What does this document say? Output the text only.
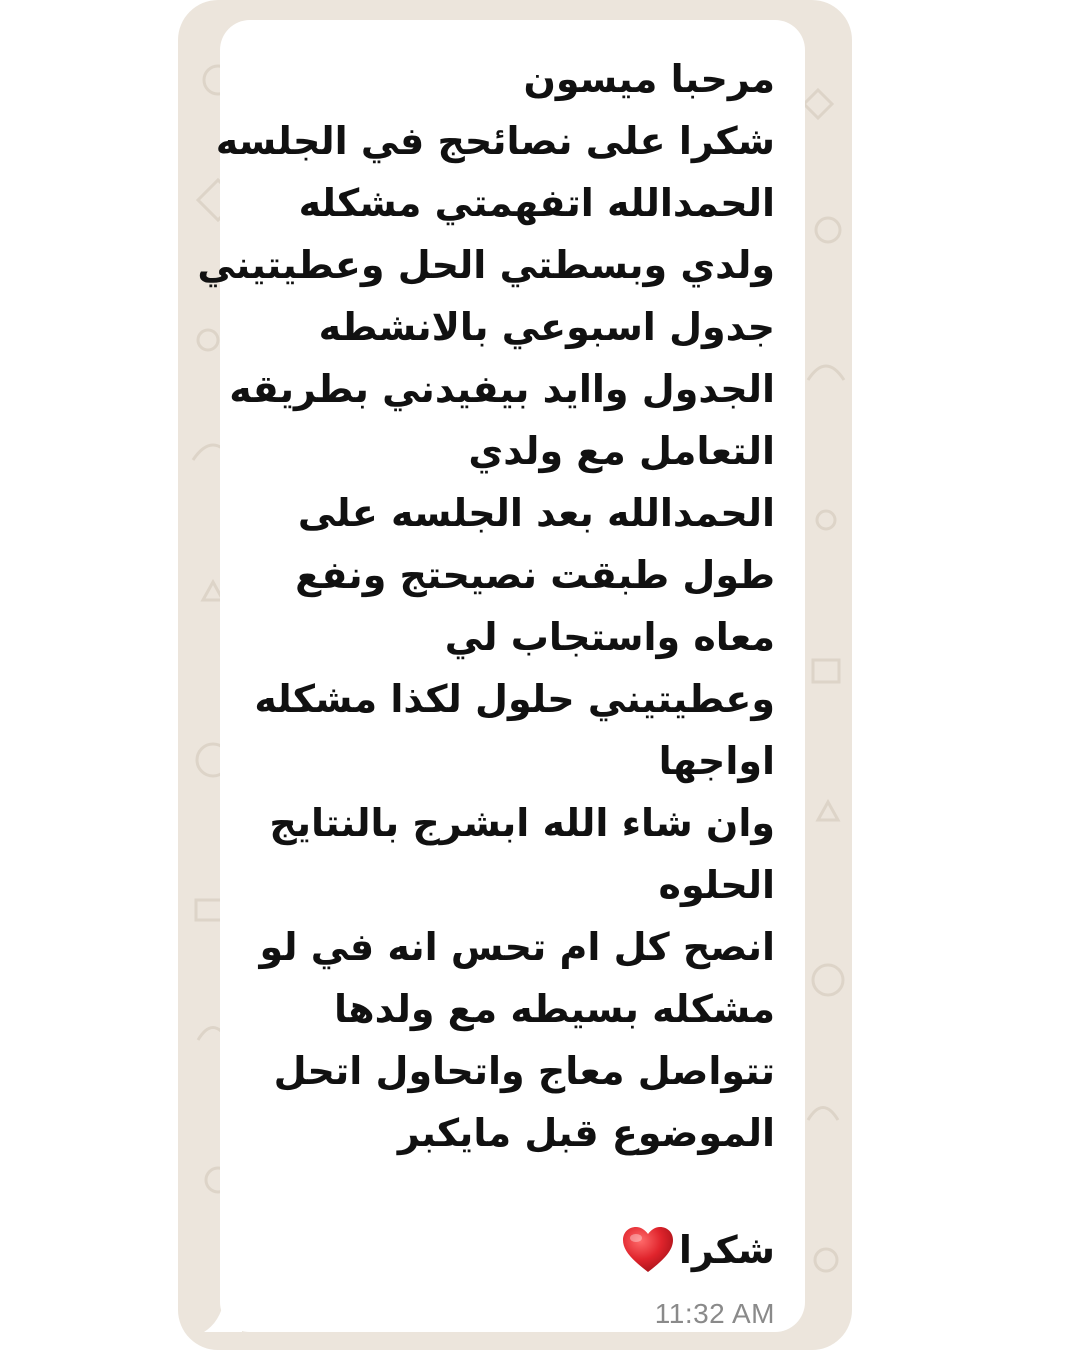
مرحبا ميسون
شكرا على نصائحج في الجلسه
الحمدالله اتفهمتي مشكله
ولدي وبسطتي الحل وعطيتيني
جدول اسبوعي بالانشطه
الجدول واايد بيفيدني بطريقه
التعامل مع ولدي
الحمدالله بعد الجلسه على
طول طبقت نصيحتج ونفع
معاه واستجاب لي
وعطيتيني حلول لكذا مشكله
اواجها
وان شاء الله ابشرج بالنتايج
الحلوه
انصح كل ام تحس انه في لو
مشكله بسيطه مع ولدها
تتواصل معاج واتحاول اتحل
الموضوع قبل مايكبر
شكرا
11:32 AM
